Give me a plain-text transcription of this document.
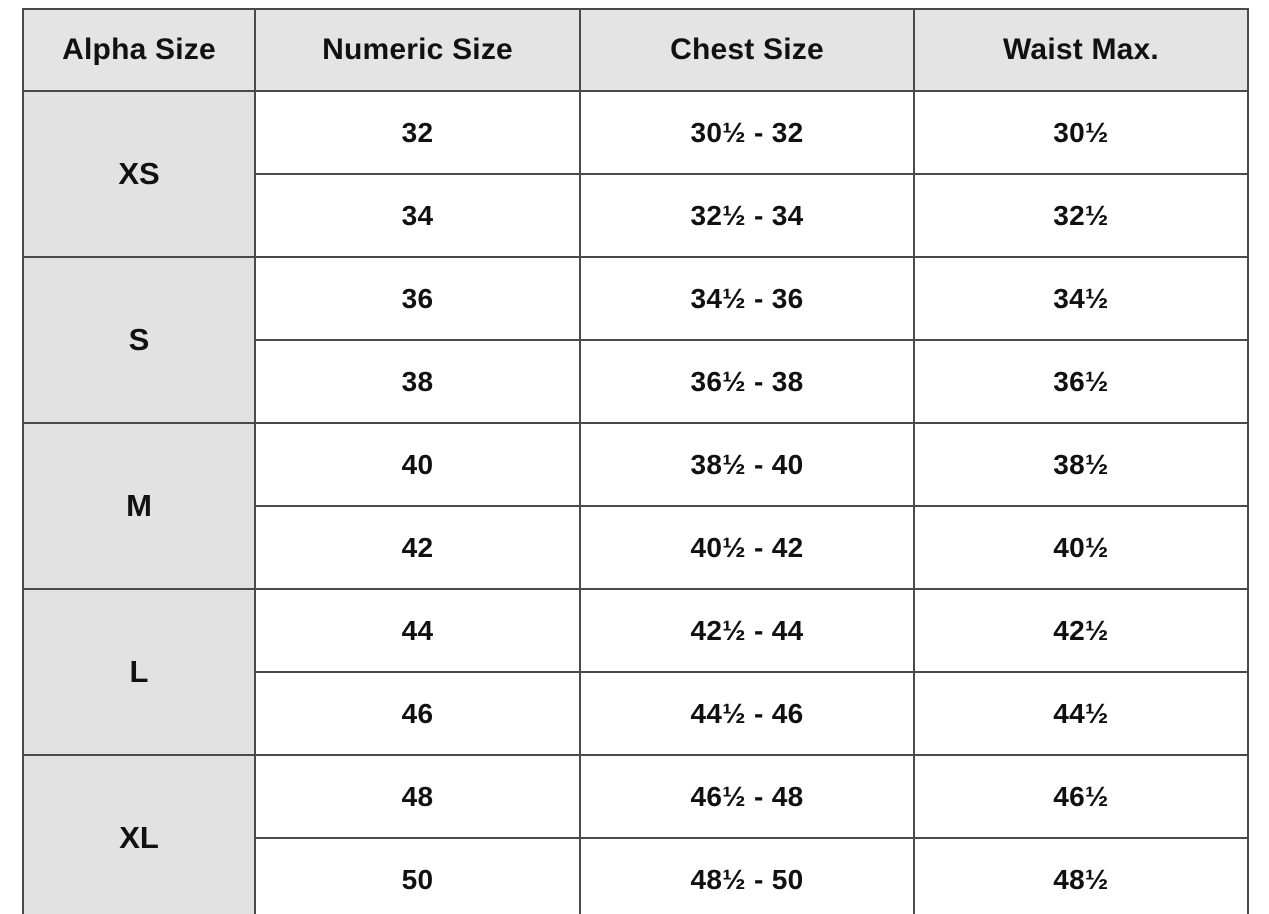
Alpha Size	Numeric Size	Chest Size	Waist Max.
XS	32	30½ - 32	30½
	34	32½ - 34	32½
S	36	34½ - 36	34½
	38	36½ - 38	36½
M	40	38½ - 40	38½
	42	40½ - 42	40½
L	44	42½ - 44	42½
	46	44½ - 46	44½
XL	48	46½ - 48	46½
	50	48½ - 50	48½
